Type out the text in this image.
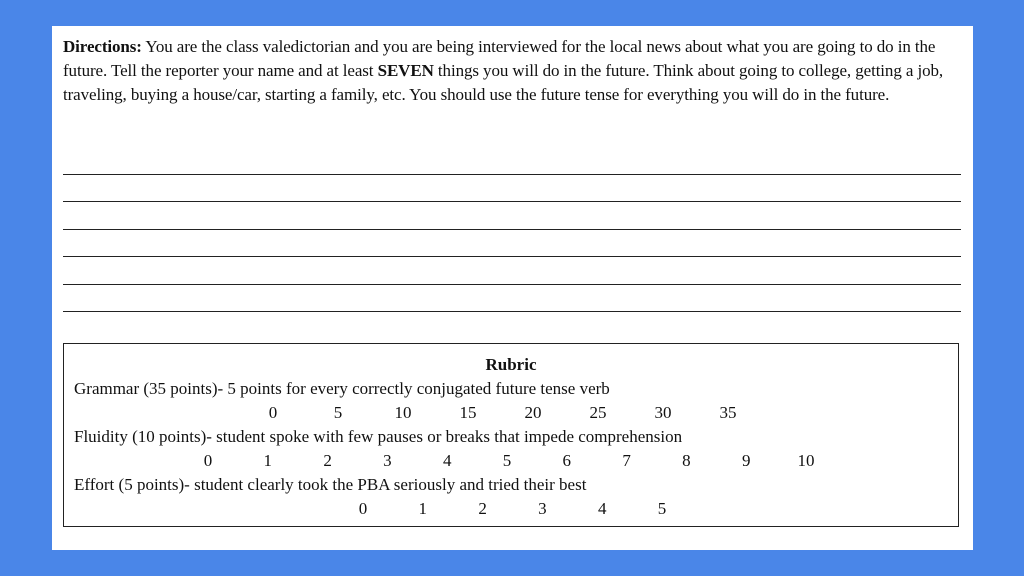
Directions: You are the class valedictorian and you are being interviewed for the local news about what you are going to do in the future. Tell the reporter your name and at least SEVEN things you will do in the future. Think about going to college, getting a job, traveling, buying a house/car, starting a family, etc. You should use the future tense for everything you will do in the future.
Rubric
Grammar (35 points)- 5 points for every correctly conjugated future tense verb
0	5	10	15	20	25	30	35
Fluidity (10 points)- student spoke with few pauses or breaks that impede comprehension
0	1	2	3	4	5	6	7	8	9	10
Effort (5 points)- student clearly took the PBA seriously and tried their best
0	1	2	3	4	5
